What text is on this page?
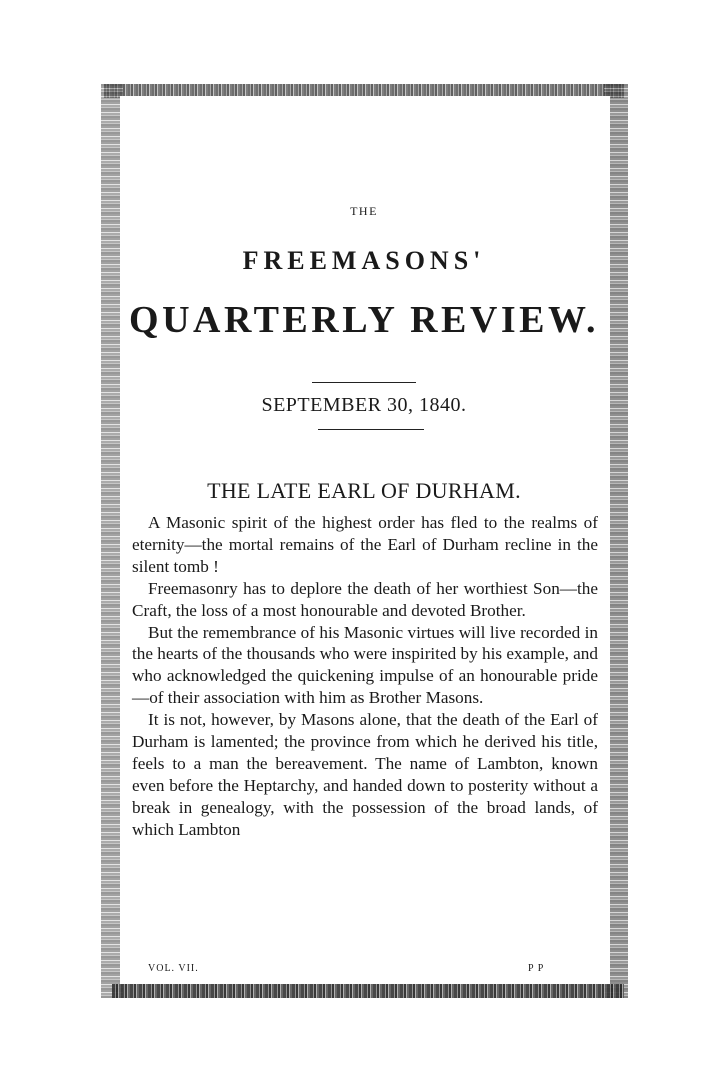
THE
FREEMASONS'
QUARTERLY REVIEW.
SEPTEMBER 30, 1840.
THE LATE EARL OF DURHAM.

A Masonic spirit of the highest order has fled to the realms of eternity—the mortal remains of the Earl of Durham recline in the silent tomb !

Freemasonry has to deplore the death of her worthiest Son—the Craft, the loss of a most honourable and devoted Brother.

But the remembrance of his Masonic virtues will live recorded in the hearts of the thousands who were inspirited by his example, and who acknowledged the quickening impulse of an honourable pride—of their association with him as Brother Masons.

It is not, however, by Masons alone, that the death of the Earl of Durham is lamented; the province from which he derived his title, feels to a man the bereavement. The name of Lambton, known even before the Heptarchy, and handed down to posterity without a break in genealogy, with the possession of the broad lands, of which Lambton

VOL. VII.	P P
